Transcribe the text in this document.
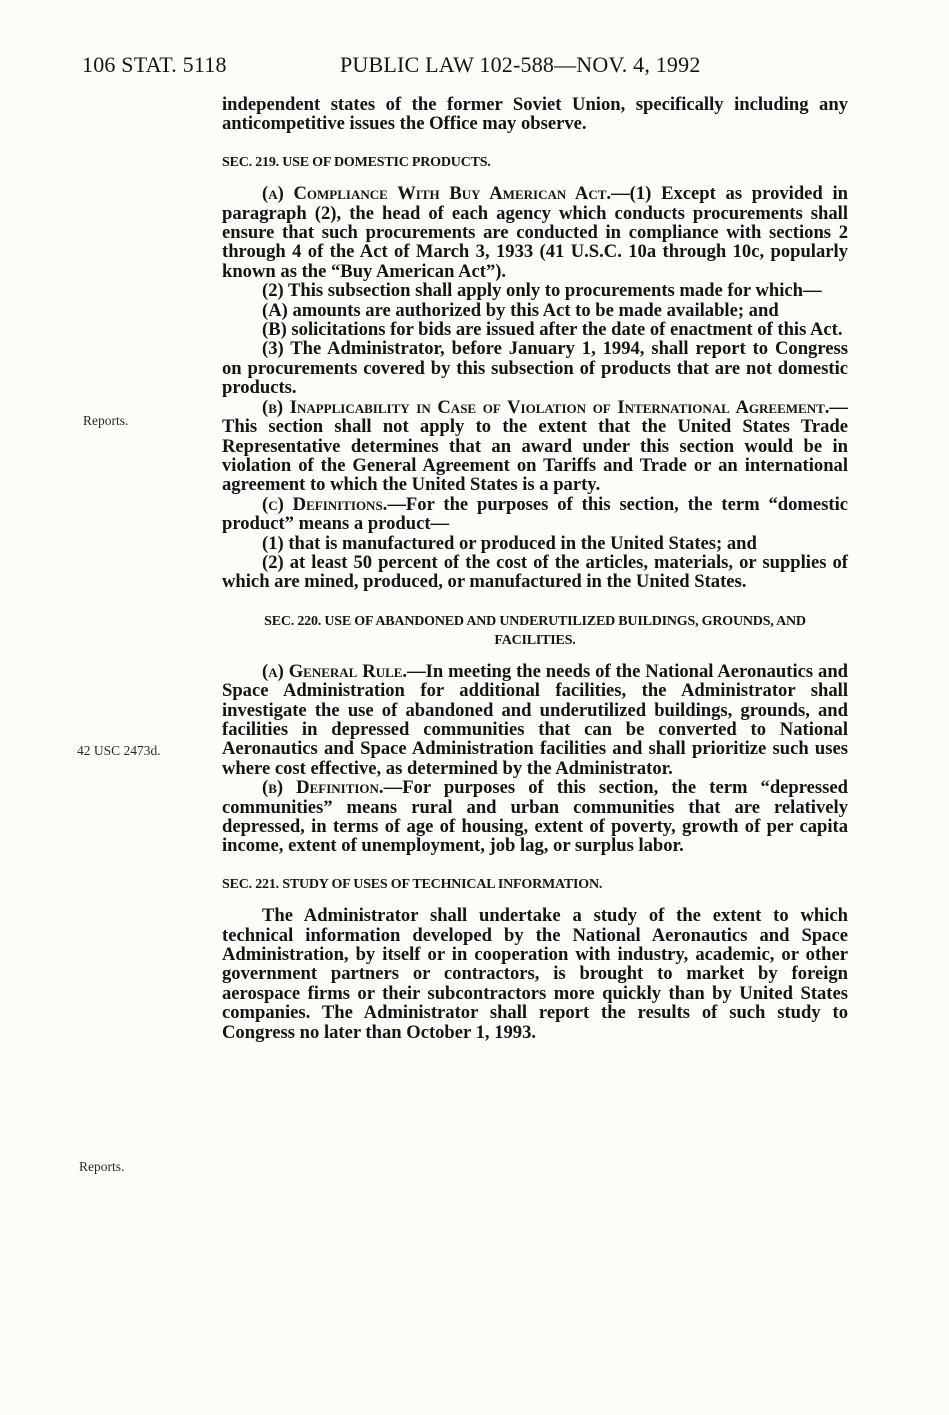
106 STAT. 5118	PUBLIC LAW 102-588—NOV. 4, 1992
Reports.
42 USC 2473d.
Reports.

independent states of the former Soviet Union, specifically including any anticompetitive issues the Office may observe.

SEC. 219. USE OF DOMESTIC PRODUCTS.

(a) Compliance With Buy American Act.—(1) Except as provided in paragraph (2), the head of each agency which conducts procurements shall ensure that such procurements are conducted in compliance with sections 2 through 4 of the Act of March 3, 1933 (41 U.S.C. 10a through 10c, popularly known as the “Buy American Act”).

(2) This subsection shall apply only to procurements made for which—

(A) amounts are authorized by this Act to be made available; and

(B) solicitations for bids are issued after the date of enactment of this Act.

(3) The Administrator, before January 1, 1994, shall report to Congress on procurements covered by this subsection of products that are not domestic products.

(b) Inapplicability in Case of Violation of International Agreement.—This section shall not apply to the extent that the United States Trade Representative determines that an award under this section would be in violation of the General Agreement on Tariffs and Trade or an international agreement to which the United States is a party.

(c) Definitions.—For the purposes of this section, the term “domestic product” means a product—

(1) that is manufactured or produced in the United States; and

(2) at least 50 percent of the cost of the articles, materials, or supplies of which are mined, produced, or manufactured in the United States.

SEC. 220. USE OF ABANDONED AND UNDERUTILIZED BUILDINGS, GROUNDS, AND FACILITIES.

(a) General Rule.—In meeting the needs of the National Aeronautics and Space Administration for additional facilities, the Administrator shall investigate the use of abandoned and underutilized buildings, grounds, and facilities in depressed communities that can be converted to National Aeronautics and Space Administration facilities and shall prioritize such uses where cost effective, as determined by the Administrator.

(b) Definition.—For purposes of this section, the term “depressed communities” means rural and urban communities that are relatively depressed, in terms of age of housing, extent of poverty, growth of per capita income, extent of unemployment, job lag, or surplus labor.

SEC. 221. STUDY OF USES OF TECHNICAL INFORMATION.

The Administrator shall undertake a study of the extent to which technical information developed by the National Aeronautics and Space Administration, by itself or in cooperation with industry, academic, or other government partners or contractors, is brought to market by foreign aerospace firms or their subcontractors more quickly than by United States companies. The Administrator shall report the results of such study to Congress no later than October 1, 1993.
